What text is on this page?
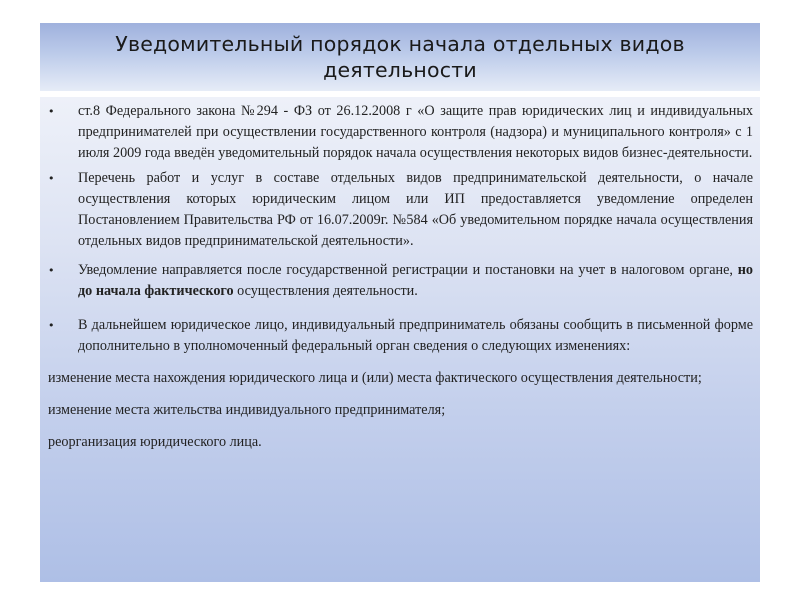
Уведомительный порядок начала отдельных видов
деятельности
•	ст.8 Федерального закона №294 - ФЗ от 26.12.2008 г «О защите прав юридических лиц и индивидуальных предпринимателей при осуществлении государственного контроля (надзора) и муниципального контроля» с 1 июля 2009 года введён уведомительный порядок начала осуществления некоторых видов бизнес-деятельности.
•	Перечень работ и услуг в составе отдельных видов предпринимательской деятельности, о начале осуществления которых юридическим лицом или ИП предоставляется уведомление определен Постановлением Правительства РФ от 16.07.2009г. №584 «Об уведомительном порядке начала осуществления отдельных видов предпринимательской деятельности».
•	Уведомление направляется после государственной регистрации и постановки на учет в налоговом органе, но до начала фактического осуществления деятельности.
•	В дальнейшем юридическое лицо, индивидуальный предприниматель обязаны сообщить в письменной форме дополнительно в уполномоченный федеральный орган сведения о следующих изменениях:
изменение места нахождения юридического лица и (или) места фактического осуществления деятельности;
изменение места жительства индивидуального предпринимателя;
реорганизация юридического лица.
